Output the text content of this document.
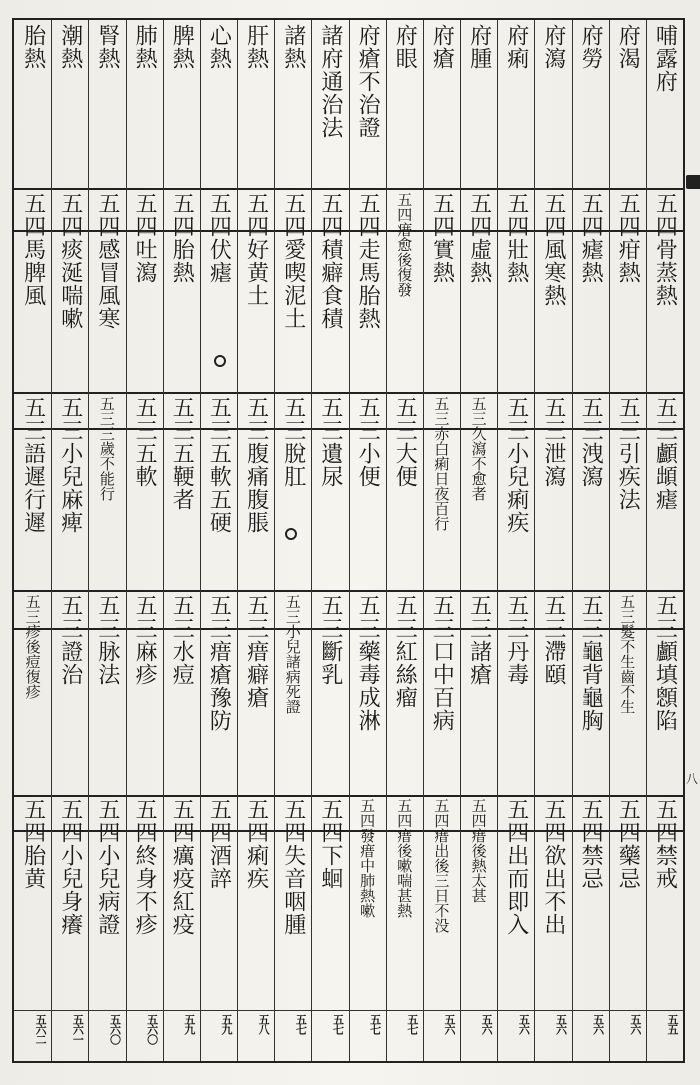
哺露府
五四骨蒸熱
五三顱䪼瘧
五三顱填顖陷
五四禁戒
五五
府渴
五四疳熱
五三引疾法
五三髮不生齒不生
五四藥忌
五六
府勞
五四瘧熱
五三洩瀉
五三龜背龜胸
五四禁忌
五六
府瀉
五四風寒熱
五三泄瀉
五三滯頤
五四欲出不出
五六
府痢
五四壯熱
五三小兒痢疾
五三丹毒
五四出而即入
五六
府腫
五四虛熱
五三久瀉不愈者
五三諸瘡
五四瘄後熱太甚
五六
府瘡
五四實熱
五三赤白痢日夜百行
五三口中百病
五四瘄出後三日不没
五六
府眼
五四瘄愈後復發
五三大便
五三紅絲瘤
五四瘄後嗽喘甚熱
五七
府瘡不治證
五四走馬胎熱
五三小便
五三藥毒成淋
五四發瘄中肺熱嗽
五七
諸府通治法
五四積癖食積
五三遺尿
五三斷乳
五四下蛔
五七
諸熱
五四愛喫泥土
五三脫肛
五三小兒諸病死證
五四失音咽腫
五七
肝熱
五四好黄土
五三腹痛腹脹
五三瘄癖瘡
五四痢疾
五八
心熱
五四伏瘧
五三五軟五硬
五三瘄瘡豫防
五四酒誶
五九
脾熱
五四胎熱
五三五鞕者
五三水痘
五四癘疫紅疫
五九
肺熱
五四吐瀉
五三五軟
五三麻疹
五四終身不疹
五六〇
腎熱
五四感冒風寒
五三三歲不能行
五三脉法
五四小兒病證
五六〇
潮熱
五四痰涎喘嗽
五三小兒麻痺
五三證治
五四小兒身癢
五六一
胎熱
五四馬脾風
五三語遲行遲
五三疹後痘復疹
五四胎黄
五六二
八
